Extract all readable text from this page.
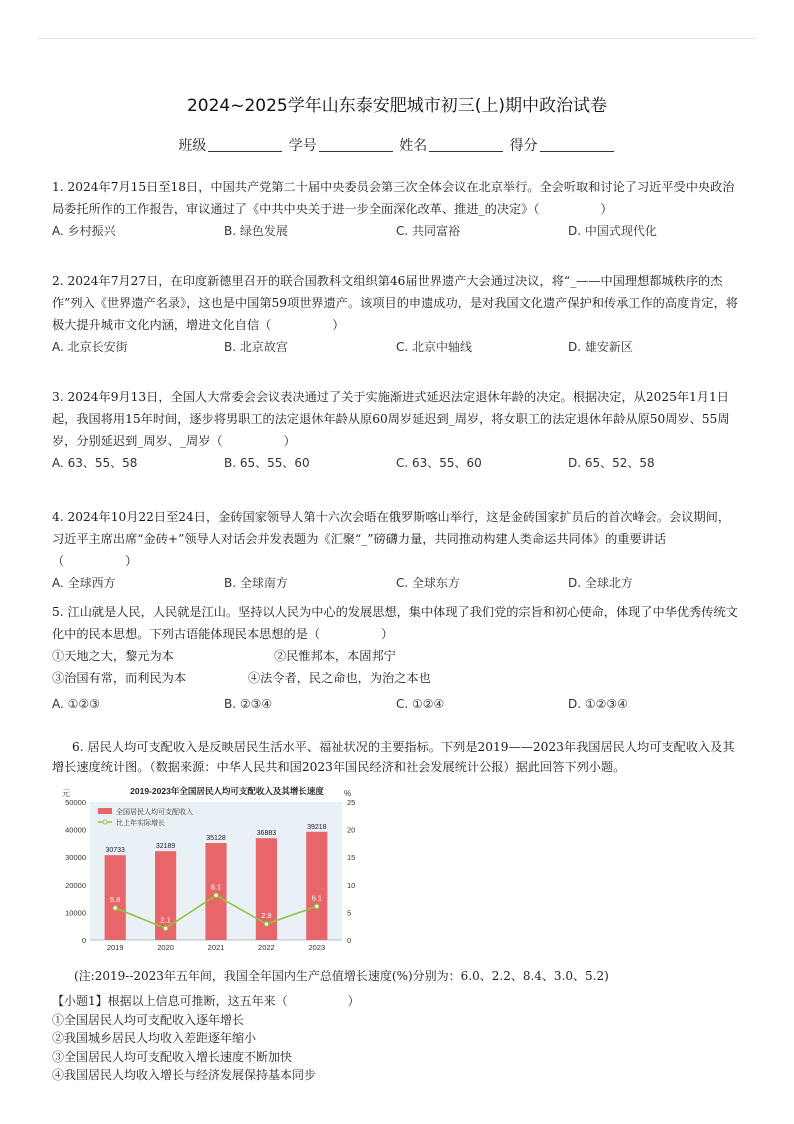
2024~2025学年山东泰安肥城市初三(上)期中政治试卷
班级	学号	姓名	得分

1. 2024年7月15日至18日，中国共产党第二十届中央委员会第三次全体会议在北京举行。全会听取和讨论了习近平受中央政治局委托所作的工作报告，审议通过了《中共中央关于进一步全面深化改革、推进_的决定》（　　　　　）

A. 乡村振兴	B. 绿色发展	C. 共同富裕	D. 中国式现代化

2. 2024年7月27日，在印度新德里召开的联合国教科文组织第46届世界遗产大会通过决议，将“_——中国理想都城秩序的杰作”列入《世界遗产名录》，这也是中国第59项世界遗产。该项目的申遗成功，是对我国文化遗产保护和传承工作的高度肯定，将极大提升城市文化内涵，增进文化自信（　　　　　）

A. 北京长安街	B. 北京故宫	C. 北京中轴线	D. 雄安新区

3. 2024年9月13日，全国人大常委会会议表决通过了关于实施渐进式延迟法定退休年龄的决定。根据决定，从2025年1月1日起，我国将用15年时间，逐步将男职工的法定退休年龄从原60周岁延迟到_周岁，将女职工的法定退休年龄从原50周岁、55周岁，分别延迟到_周岁、_周岁（　　　　　）

A. 63、55、58	B. 65、55、60	C. 63、55、60	D. 65、52、58

4. 2024年10月22日至24日，金砖国家领导人第十六次会晤在俄罗斯喀山举行，这是金砖国家扩员后的首次峰会。会议期间，习近平主席出席“金砖+”领导人对话会并发表题为《汇聚“_”磅礴力量，共同推动构建人类命运共同体》的重要讲话（　　　　　）

A. 全球西方	B. 全球南方	C. 全球东方	D. 全球北方

5. 江山就是人民，人民就是江山。坚持以人民为中心的发展思想，集中体现了我们党的宗旨和初心使命，体现了中华优秀传统文化中的民本思想。下列古语能体现民本思想的是（　　　　　）

①天地之大，黎元为本	②民惟邦本，本固邦宁
③治国有常，而利民为本	④法令者，民之命也，为治之本也
A. ①②③	B. ②③④	C. ①②④	D. ①②③④

6. 居民人均可支配收入是反映居民生活水平、福祉状况的主要指标。下列是2019——2023年我国居民人均可支配收入及其增长速度统计图。（数据来源：中华人民共和国2023年国民经济和社会发展统计公报）据此回答下列小题。

2019-2023年全国居民人均可支配收入及其增长速度
元	%
0
10000
20000
30000
40000
50000
0
5
10
15
20
25
30733
32189
35128
36883
39218
5.8
2.1
8.1
2.9
6.1
2019	2020	2021	2022	2023
全国居民人均可支配收入
比上年实际增长
(注:2019--2023年五年间，我国全年国内生产总值增长速度(%)分别为：6.0、2.2、8.4、3.0、5.2)
【小题1】根据以上信息可推断，这五年来（　　　　　）
①全国居民人均可支配收入逐年增长
②我国城乡居民人均收入差距逐年缩小
③全国居民人均可支配收入增长速度不断加快
④我国居民人均收入增长与经济发展保持基本同步
